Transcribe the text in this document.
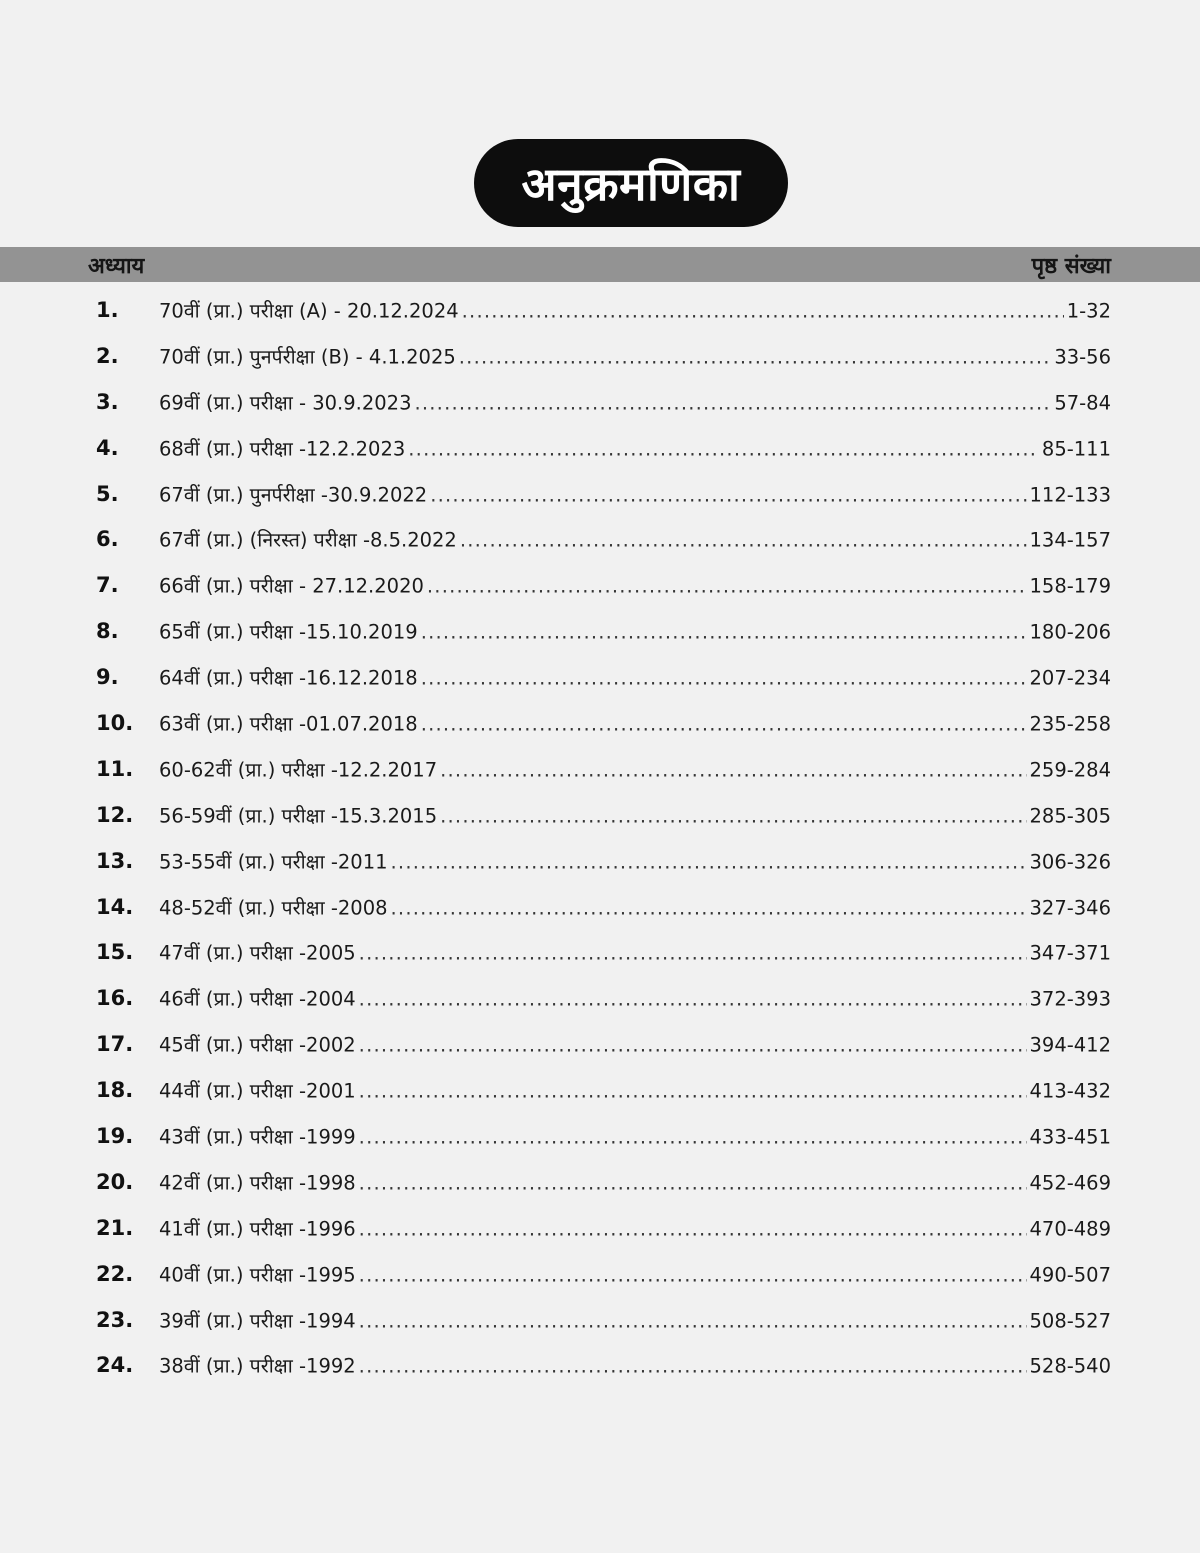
अनुक्रमणिका
अध्याय	पृष्ठ संख्या
1. 70वीं (प्रा.) परीक्षा (A) - 20.12.2024 .....	1-32
2. 70वीं (प्रा.) पुनर्परीक्षा (B) - 4.1.2025 .....	33-56
3. 69वीं (प्रा.) परीक्षा - 30.9.2023 .....	57-84
4. 68वीं (प्रा.) परीक्षा -12.2.2023 .....	85-111
5. 67वीं (प्रा.) पुनर्परीक्षा -30.9.2022 .....	112-133
6. 67वीं (प्रा.) (निरस्त) परीक्षा -8.5.2022 .....	134-157
7. 66वीं (प्रा.) परीक्षा - 27.12.2020 .....	158-179
8. 65वीं (प्रा.) परीक्षा -15.10.2019 .....	180-206
9. 64वीं (प्रा.) परीक्षा -16.12.2018 .....	207-234
10. 63वीं (प्रा.) परीक्षा -01.07.2018 .....	235-258
11. 60-62वीं (प्रा.) परीक्षा -12.2.2017 .....	259-284
12. 56-59वीं (प्रा.) परीक्षा -15.3.2015 .....	285-305
13. 53-55वीं (प्रा.) परीक्षा -2011 .....	306-326
14. 48-52वीं (प्रा.) परीक्षा -2008 .....	327-346
15. 47वीं (प्रा.) परीक्षा -2005 .....	347-371
16. 46वीं (प्रा.) परीक्षा -2004 .....	372-393
17. 45वीं (प्रा.) परीक्षा -2002 .....	394-412
18. 44वीं (प्रा.) परीक्षा -2001 .....	413-432
19. 43वीं (प्रा.) परीक्षा -1999 .....	433-451
20. 42वीं (प्रा.) परीक्षा -1998 .....	452-469
21. 41वीं (प्रा.) परीक्षा -1996 .....	470-489
22. 40वीं (प्रा.) परीक्षा -1995 .....	490-507
23. 39वीं (प्रा.) परीक्षा -1994 .....	508-527
24. 38वीं (प्रा.) परीक्षा -1992 .....	528-540
